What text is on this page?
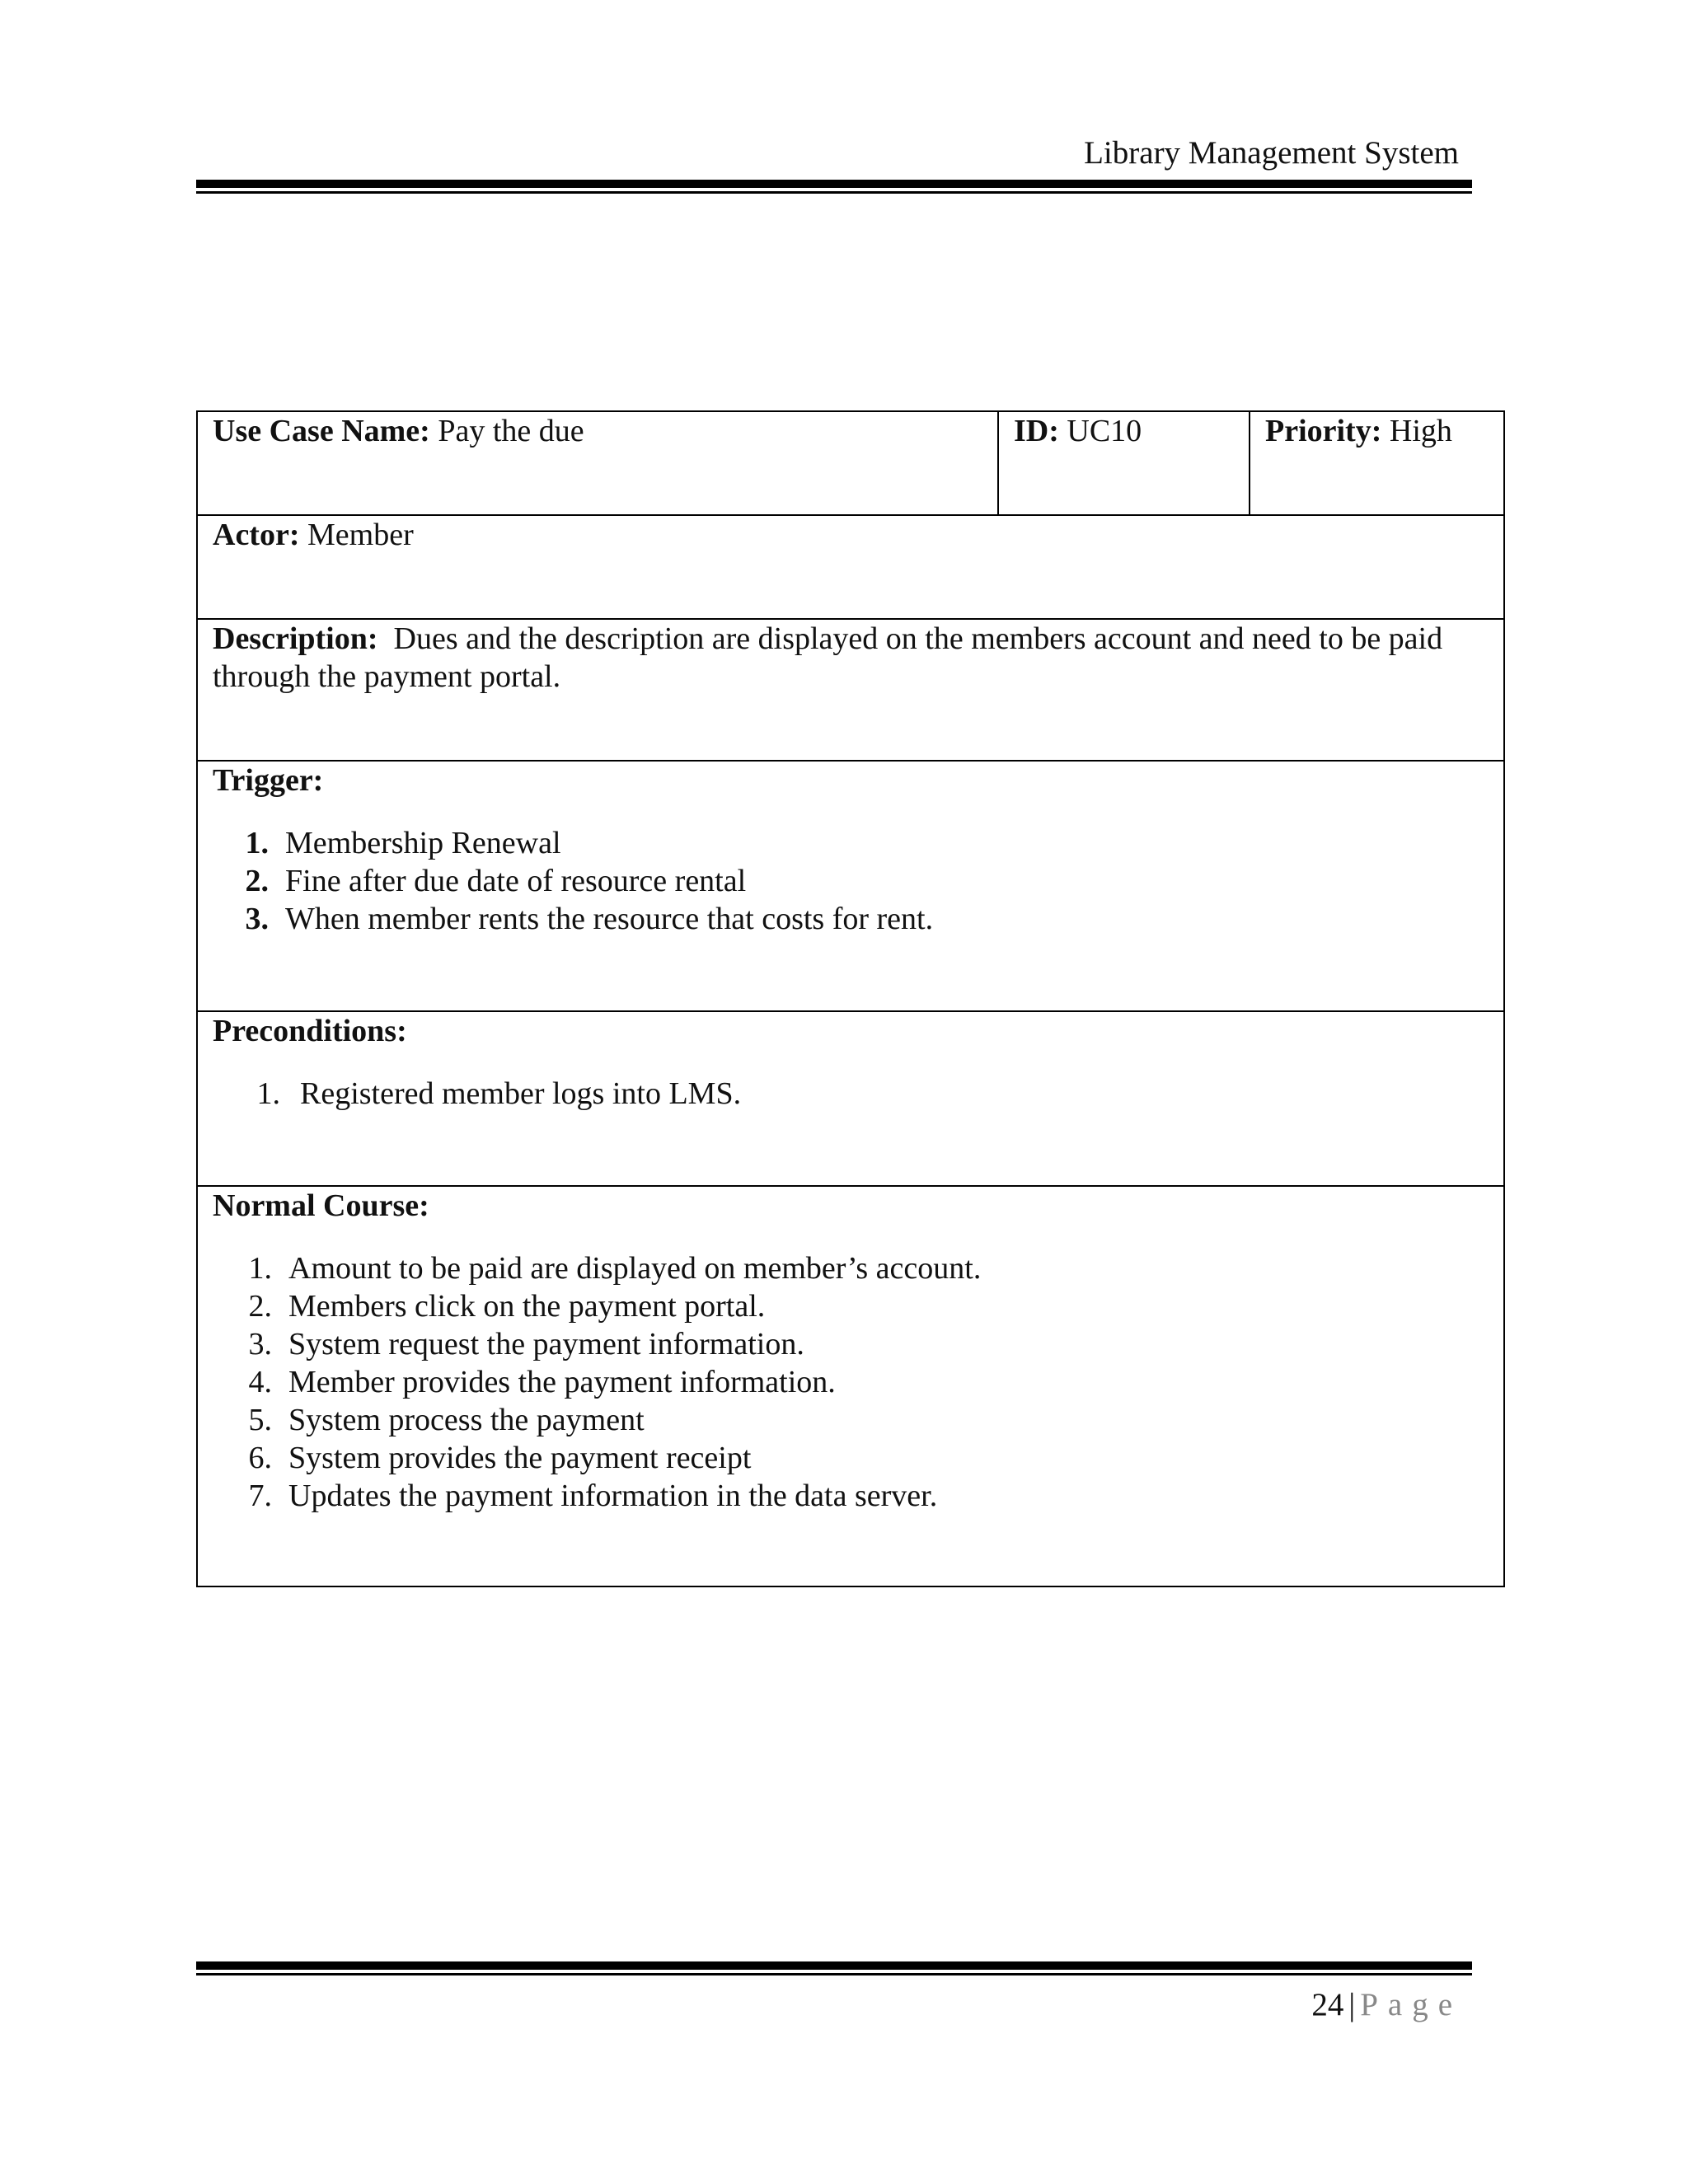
Library Management System
Use Case Name: Pay the due	ID: UC10	Priority: High
Actor: Member
Description: Dues and the description are displayed on the members account and need to be paid through the payment portal.
Trigger:
1. Membership Renewal
2. Fine after due date of resource rental
3. When member rents the resource that costs for rent.

Preconditions:
1. Registered member logs into LMS.

Normal Course:
1. Amount to be paid are displayed on member’s account.
2. Members click on the payment portal.
3. System request the payment information.
4. Member provides the payment information.
5. System process the payment
6. System provides the payment receipt
7. Updates the payment information in the data server.
24 | Page
